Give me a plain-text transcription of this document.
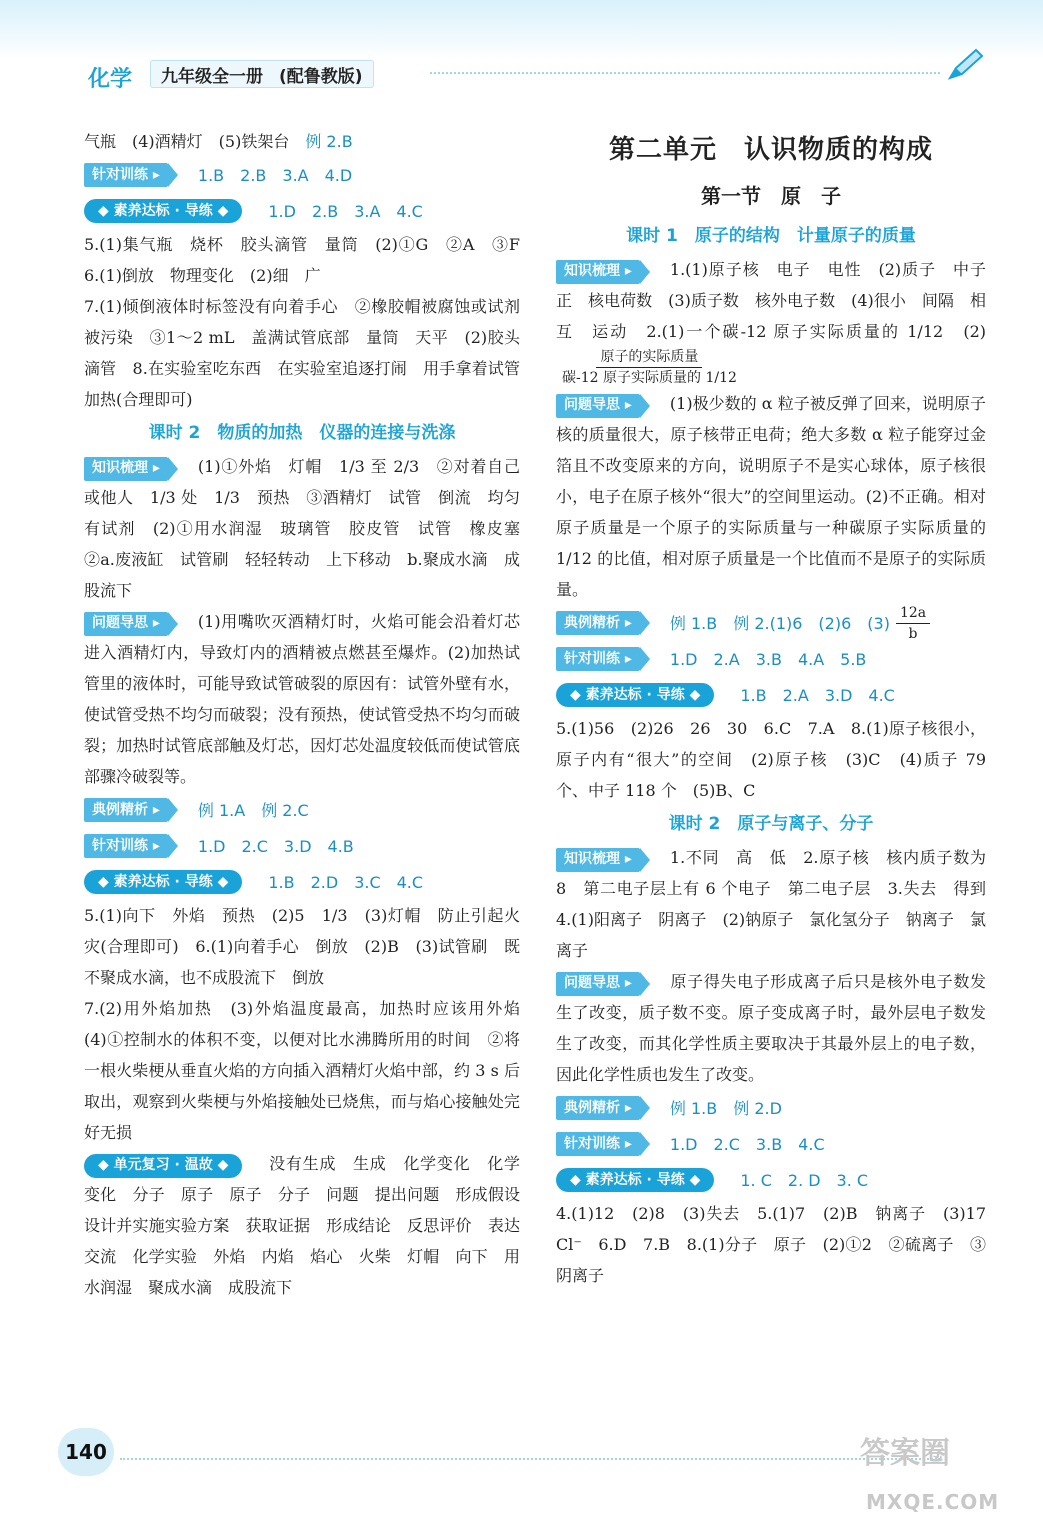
化学 九年级全一册 (配鲁教版)
气瓶　(4)酒精灯　(5)铁架台　例 2.B
针对训练 ▸	1.B　2.B　3.A　4.D
◆ 素养达标 · 导练 ◆	1.D　2.B　3.A　4.C
5.(1)集气瓶　烧杯　胶头滴管　量筒　(2)①G　②A　③F　6.(1)倒放　物理变化　(2)细　广
7.(1)倾倒液体时标签没有向着手心　②橡胶帽被腐蚀或试剂被污染　③1～2 mL　盖满试管底部　量筒　天平　(2)胶头滴管　8.在实验室吃东西　在实验室追逐打闹　用手拿着试管加热(合理即可)
课时 2　物质的加热　仪器的连接与洗涤
知识梳理 ▸ (1)①外焰　灯帽　1/3 至 2/3　②对着自己或他人　1/3 处　1/3　预热　③酒精灯　试管　倒流　均匀　有试剂　(2)①用水润湿　玻璃管　胶皮管　试管　橡皮塞　②a.废液缸　试管刷　轻轻转动　上下移动　b.聚成水滴　成股流下
问题导思 ▸ (1)用嘴吹灭酒精灯时，火焰可能会沿着灯芯进入酒精灯内，导致灯内的酒精被点燃甚至爆炸。(2)加热试管里的液体时，可能导致试管破裂的原因有：试管外壁有水，使试管受热不均匀而破裂；没有预热，使试管受热不均匀而破裂；加热时试管底部触及灯芯，因灯芯处温度较低而使试管底部骤冷破裂等。
典例精析 ▸	例 1.A　例 2.C
针对训练 ▸	1.D　2.C　3.D　4.B
◆ 素养达标 · 导练 ◆	1.B　2.D　3.C　4.C
5.(1)向下　外焰　预热　(2)5　1/3　(3)灯帽　防止引起火灾(合理即可)　6.(1)向着手心　倒放　(2)B　(3)试管刷　既不聚成水滴，也不成股流下　倒放
7.(2)用外焰加热　(3)外焰温度最高，加热时应该用外焰　(4)①控制水的体积不变，以便对比水沸腾所用的时间　②将一根火柴梗从垂直火焰的方向插入酒精灯火焰中部，约 3 s 后取出，观察到火柴梗与外焰接触处已烧焦，而与焰心接触处完好无损
◆ 单元复习 · 温故 ◆	没有生成　生成　化学变化　化学变化　分子　原子　原子　分子　问题　提出问题　形成假设　设计并实施实验方案　获取证据　形成结论　反思评价　表达交流　化学实验　外焰　内焰　焰心　火柴　灯帽　向下　用水润湿　聚成水滴　成股流下
第二单元　认识物质的构成
第一节　原　子
课时 1　原子的结构　计量原子的质量
知识梳理 ▸ 1.(1)原子核　电子　电性　(2)质子　中子　正　核电荷数　(3)质子数　核外电子数　(4)很小　间隔　相互　运动　2.(1)一个碳-12 原子实际质量的 1/12　(2)
$\frac{\text{原子的实际质量}}{\text{碳-12 原子实际质量的 1/12}}$
问题导思 ▸ (1)极少数的 α 粒子被反弹了回来，说明原子核的质量很大，原子核带正电荷；绝大多数 α 粒子能穿过金箔且不改变原来的方向，说明原子不是实心球体，原子核很小，电子在原子核外“很大”的空间里运动。(2)不正确。相对原子质量是一个原子的实际质量与一种碳原子实际质量的 1/12 的比值，相对原子质量是一个比值而不是原子的实际质量。
典例精析 ▸	例 1.B　例 2.(1)6　(2)6　$(3) \frac{12a}{b}$
针对训练 ▸	1.D　2.A　3.B　4.A　5.B
◆ 素养达标 · 导练 ◆	1.B　2.A　3.D　4.C
5.(1)56　(2)26　26　30　6.C　7.A　8.(1)原子核很小，原子内有“很大”的空间　(2)原子核　(3)C　(4)质子 79 个、中子 118 个　(5)B、C
课时 2　原子与离子、分子
知识梳理 ▸ 1.不同　高　低　2.原子核　核内质子数为 8　第二电子层上有 6 个电子　第二电子层　3.失去　得到　4.(1)阳离子　阴离子　(2)钠原子　氯化氢分子　钠离子　氯离子
问题导思 ▸ 原子得失电子形成离子后只是核外电子数发生了改变，质子数不变。原子变成离子时，最外层电子数发生了改变，而其化学性质主要取决于其最外层上的电子数，因此化学性质也发生了改变。
典例精析 ▸	例 1.B　例 2.D
针对训练 ▸	1.D　2.C　3.B　4.C
◆ 素养达标 · 导练 ◆	1. C　2. D　3. C
4.(1)12　(2)8　(3)失去　5.(1)7　(2)B　钠离子　(3)17　Cl⁻　6.D　7.B　8.(1)分子　原子　(2)①2　②硫离子　③阴离子
140	答案圈
MXQE.COM
